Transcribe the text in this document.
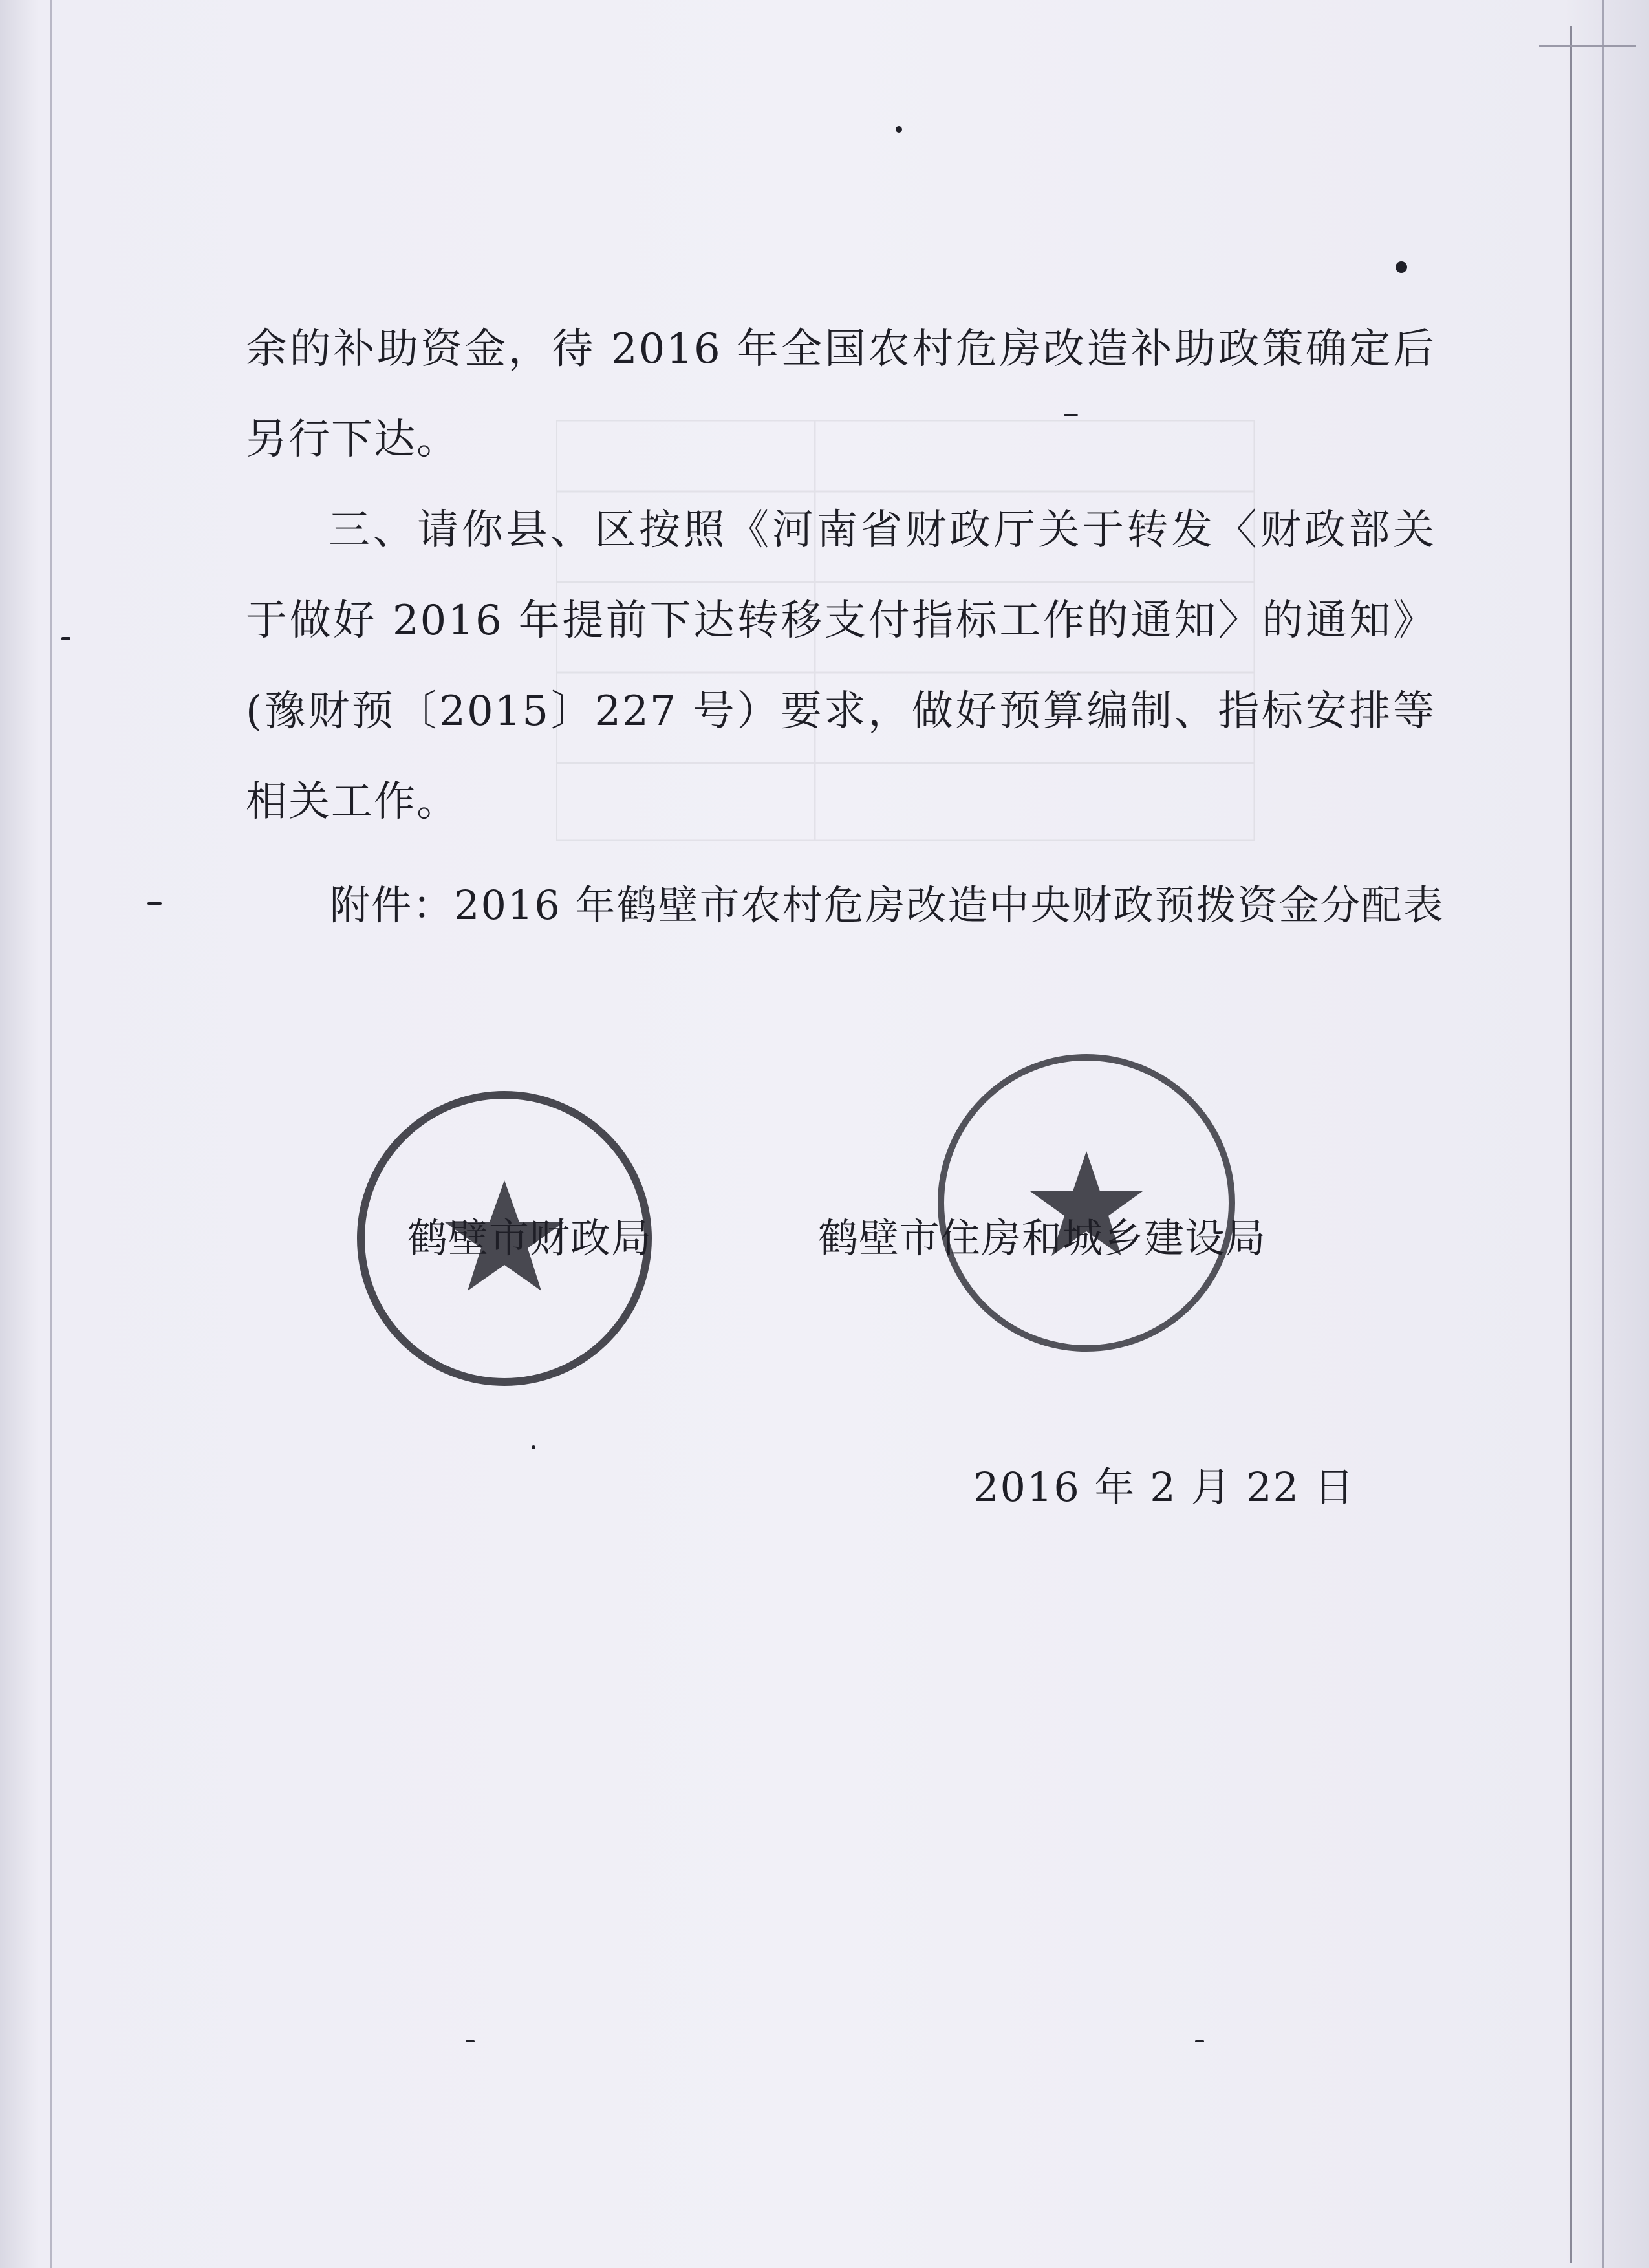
余的补助资金，待 2016 年全国农村危房改造补助政策确定后另行下达。

三、请你县、区按照《河南省财政厅关于转发〈财政部关于做好 2016 年提前下达转移支付指标工作的通知〉的通知》(豫财预〔2015〕227 号）要求，做好预算编制、指标安排等相关工作。

附件：2016 年鹤壁市农村危房改造中央财政预拨资金分配表
鹤壁市财政局	鹤壁市住房和城乡建设局
2016 年 2 月 22 日
